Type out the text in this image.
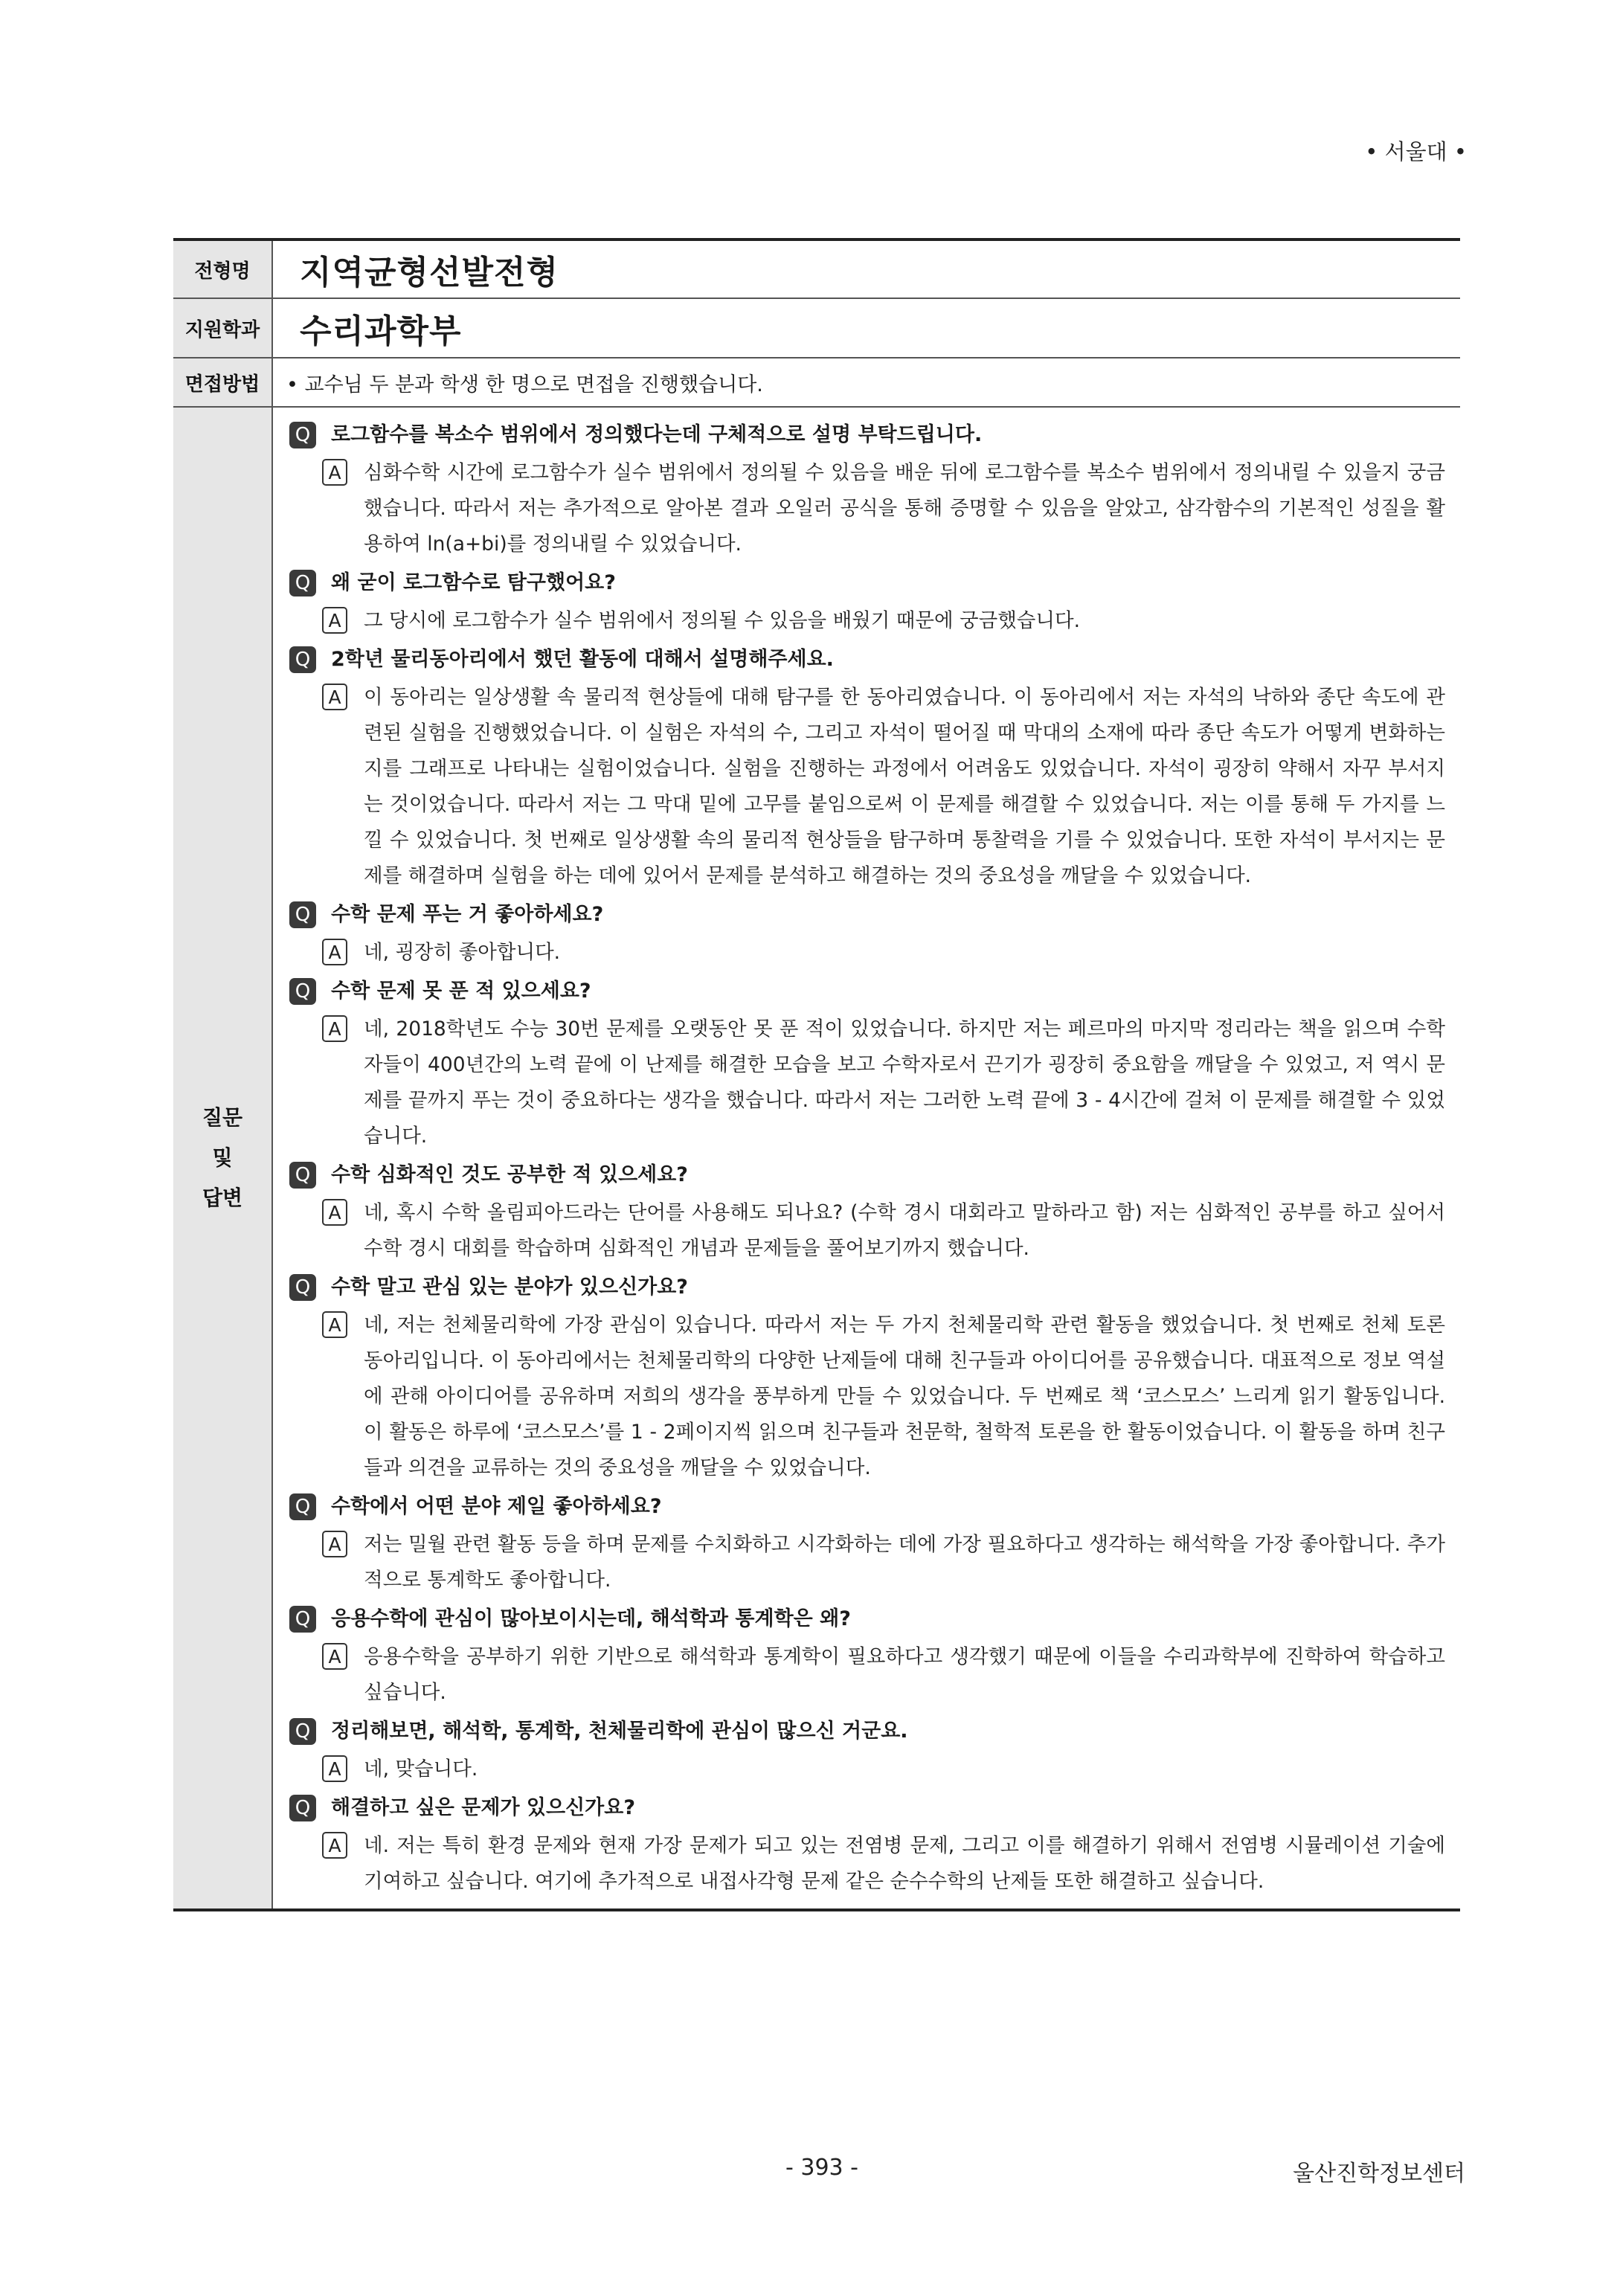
• 서울대 •
전형명	지역균형선발전형
지원학과	수리과학부
면접방법	• 교수님 두 분과 학생 한 명으로 면접을 진행했습니다.
질문
및
답변
Q 로그함수를 복소수 범위에서 정의했다는데 구체적으로 설명 부탁드립니다.
A	심화수학 시간에 로그함수가 실수 범위에서 정의될 수 있음을 배운 뒤에 로그함수를 복소수 범위에서 정의내릴 수 있을지 궁금했습니다. 따라서 저는 추가적으로 알아본 결과 오일러 공식을 통해 증명할 수 있음을 알았고, 삼각함수의 기본적인 성질을 활용하여 ln(a+bi)를 정의내릴 수 있었습니다.
Q 왜 굳이 로그함수로 탐구했어요?
A	그 당시에 로그함수가 실수 범위에서 정의될 수 있음을 배웠기 때문에 궁금했습니다.
Q 2학년 물리동아리에서 했던 활동에 대해서 설명해주세요.
A	이 동아리는 일상생활 속 물리적 현상들에 대해 탐구를 한 동아리였습니다. 이 동아리에서 저는 자석의 낙하와 종단 속도에 관련된 실험을 진행했었습니다. 이 실험은 자석의 수, 그리고 자석이 떨어질 때 막대의 소재에 따라 종단 속도가 어떻게 변화하는 지를 그래프로 나타내는 실험이었습니다. 실험을 진행하는 과정에서 어려움도 있었습니다. 자석이 굉장히 약해서 자꾸 부서지는 것이었습니다. 따라서 저는 그 막대 밑에 고무를 붙임으로써 이 문제를 해결할 수 있었습니다. 저는 이를 통해 두 가지를 느낄 수 있었습니다. 첫 번째로 일상생활 속의 물리적 현상들을 탐구하며 통찰력을 기를 수 있었습니다. 또한 자석이 부서지는 문제를 해결하며 실험을 하는 데에 있어서 문제를 분석하고 해결하는 것의 중요성을 깨달을 수 있었습니다.
Q 수학 문제 푸는 거 좋아하세요?
A	네, 굉장히 좋아합니다.
Q 수학 문제 못 푼 적 있으세요?
A	네, 2018학년도 수능 30번 문제를 오랫동안 못 푼 적이 있었습니다. 하지만 저는 페르마의 마지막 정리라는 책을 읽으며 수학자들이 400년간의 노력 끝에 이 난제를 해결한 모습을 보고 수학자로서 끈기가 굉장히 중요함을 깨달을 수 있었고, 저 역시 문제를 끝까지 푸는 것이 중요하다는 생각을 했습니다. 따라서 저는 그러한 노력 끝에 3 - 4시간에 걸쳐 이 문제를 해결할 수 있었습니다.
Q 수학 심화적인 것도 공부한 적 있으세요?
A	네, 혹시 수학 올림피아드라는 단어를 사용해도 되나요? (수학 경시 대회라고 말하라고 함) 저는 심화적인 공부를 하고 싶어서 수학 경시 대회를 학습하며 심화적인 개념과 문제들을 풀어보기까지 했습니다.
Q 수학 말고 관심 있는 분야가 있으신가요?
A	네, 저는 천체물리학에 가장 관심이 있습니다. 따라서 저는 두 가지 천체물리학 관련 활동을 했었습니다. 첫 번째로 천체 토론 동아리입니다. 이 동아리에서는 천체물리학의 다양한 난제들에 대해 친구들과 아이디어를 공유했습니다. 대표적으로 정보 역설에 관해 아이디어를 공유하며 저희의 생각을 풍부하게 만들 수 있었습니다. 두 번째로 책 ‘코스모스’ 느리게 읽기 활동입니다. 이 활동은 하루에 ‘코스모스’를 1 - 2페이지씩 읽으며 친구들과 천문학, 철학적 토론을 한 활동이었습니다. 이 활동을 하며 친구들과 의견을 교류하는 것의 중요성을 깨달을 수 있었습니다.
Q 수학에서 어떤 분야 제일 좋아하세요?
A	저는 밀월 관련 활동 등을 하며 문제를 수치화하고 시각화하는 데에 가장 필요하다고 생각하는 해석학을 가장 좋아합니다. 추가적으로 통계학도 좋아합니다.
Q 응용수학에 관심이 많아보이시는데, 해석학과 통계학은 왜?
A	응용수학을 공부하기 위한 기반으로 해석학과 통계학이 필요하다고 생각했기 때문에 이들을 수리과학부에 진학하여 학습하고 싶습니다.
Q 정리해보면, 해석학, 통계학, 천체물리학에 관심이 많으신 거군요.
A	네, 맞습니다.
Q 해결하고 싶은 문제가 있으신가요?
A	네. 저는 특히 환경 문제와 현재 가장 문제가 되고 있는 전염병 문제, 그리고 이를 해결하기 위해서 전염병 시뮬레이션 기술에 기여하고 싶습니다. 여기에 추가적으로 내접사각형 문제 같은 순수수학의 난제들 또한 해결하고 싶습니다.
- 393 -	울산진학정보센터
